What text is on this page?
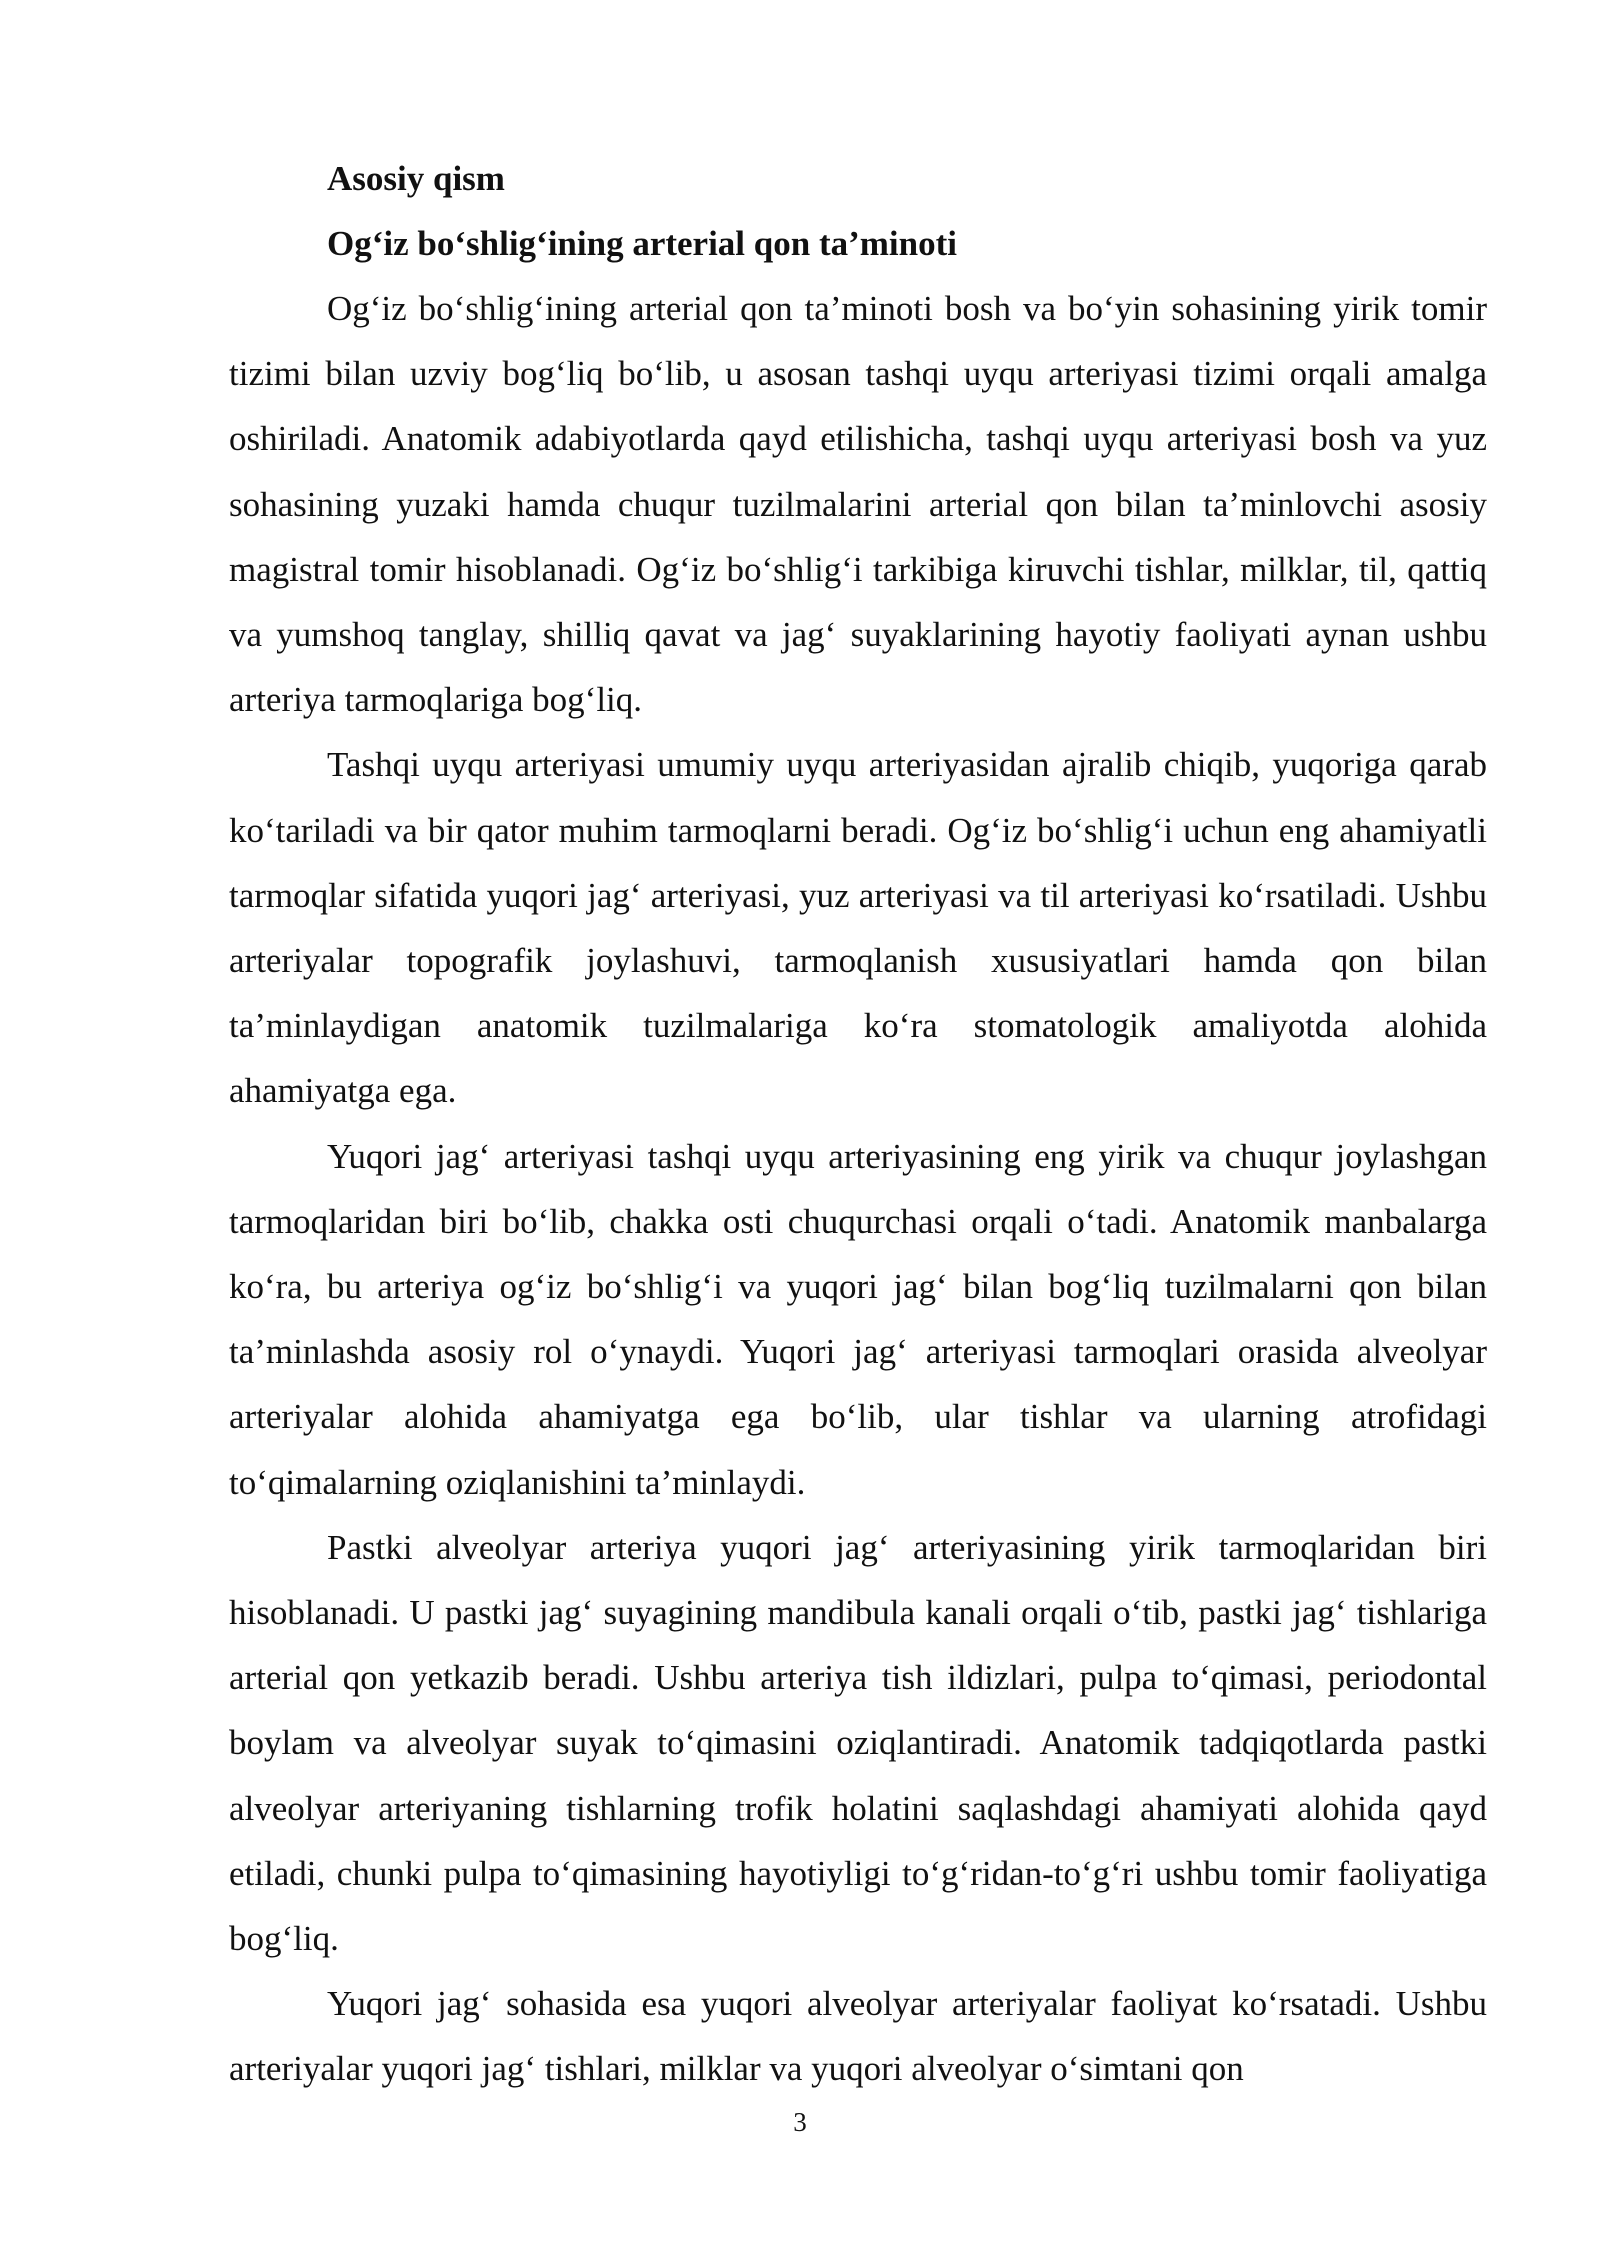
Asosiy qism

Og‘iz bo‘shlig‘ining arterial qon ta’minoti

Og‘iz bo‘shlig‘ining arterial qon ta’minoti bosh va bo‘yin sohasining yirik tomir tizimi bilan uzviy bog‘liq bo‘lib, u asosan tashqi uyqu arteriyasi tizimi orqali amalga oshiriladi. Anatomik adabiyotlarda qayd etilishicha, tashqi uyqu arteriyasi bosh va yuz sohasining yuzaki hamda chuqur tuzilmalarini arterial qon bilan ta’minlovchi asosiy magistral tomir hisoblanadi. Og‘iz bo‘shlig‘i tarkibiga kiruvchi tishlar, milklar, til, qattiq va yumshoq tanglay, shilliq qavat va jag‘ suyaklarining hayotiy faoliyati aynan ushbu arteriya tarmoqlariga bog‘liq.

Tashqi uyqu arteriyasi umumiy uyqu arteriyasidan ajralib chiqib, yuqoriga qarab ko‘tariladi va bir qator muhim tarmoqlarni beradi. Og‘iz bo‘shlig‘i uchun eng ahamiyatli tarmoqlar sifatida yuqori jag‘ arteriyasi, yuz arteriyasi va til arteriyasi ko‘rsatiladi. Ushbu arteriyalar topografik joylashuvi, tarmoqlanish xususiyatlari hamda qon bilan ta’minlaydigan anatomik tuzilmalariga ko‘ra stomatologik amaliyotda alohida ahamiyatga ega.

Yuqori jag‘ arteriyasi tashqi uyqu arteriyasining eng yirik va chuqur joylashgan tarmoqlaridan biri bo‘lib, chakka osti chuqurchasi orqali o‘tadi. Anatomik manbalarga ko‘ra, bu arteriya og‘iz bo‘shlig‘i va yuqori jag‘ bilan bog‘liq tuzilmalarni qon bilan ta’minlashda asosiy rol o‘ynaydi. Yuqori jag‘ arteriyasi tarmoqlari orasida alveolyar arteriyalar alohida ahamiyatga ega bo‘lib, ular tishlar va ularning atrofidagi to‘qimalarning oziqlanishini ta’minlaydi.

Pastki alveolyar arteriya yuqori jag‘ arteriyasining yirik tarmoqlaridan biri hisoblanadi. U pastki jag‘ suyagining mandibula kanali orqali o‘tib, pastki jag‘ tishlariga arterial qon yetkazib beradi. Ushbu arteriya tish ildizlari, pulpa to‘qimasi, periodontal boylam va alveolyar suyak to‘qimasini oziqlantiradi. Anatomik tadqiqotlarda pastki alveolyar arteriyaning tishlarning trofik holatini saqlashdagi ahamiyati alohida qayd etiladi, chunki pulpa to‘qimasining hayotiyligi to‘g‘ridan-to‘g‘ri ushbu tomir faoliyatiga bog‘liq.

Yuqori jag‘ sohasida esa yuqori alveolyar arteriyalar faoliyat ko‘rsatadi. Ushbu arteriyalar yuqori jag‘ tishlari, milklar va yuqori alveolyar o‘simtani qon

3
